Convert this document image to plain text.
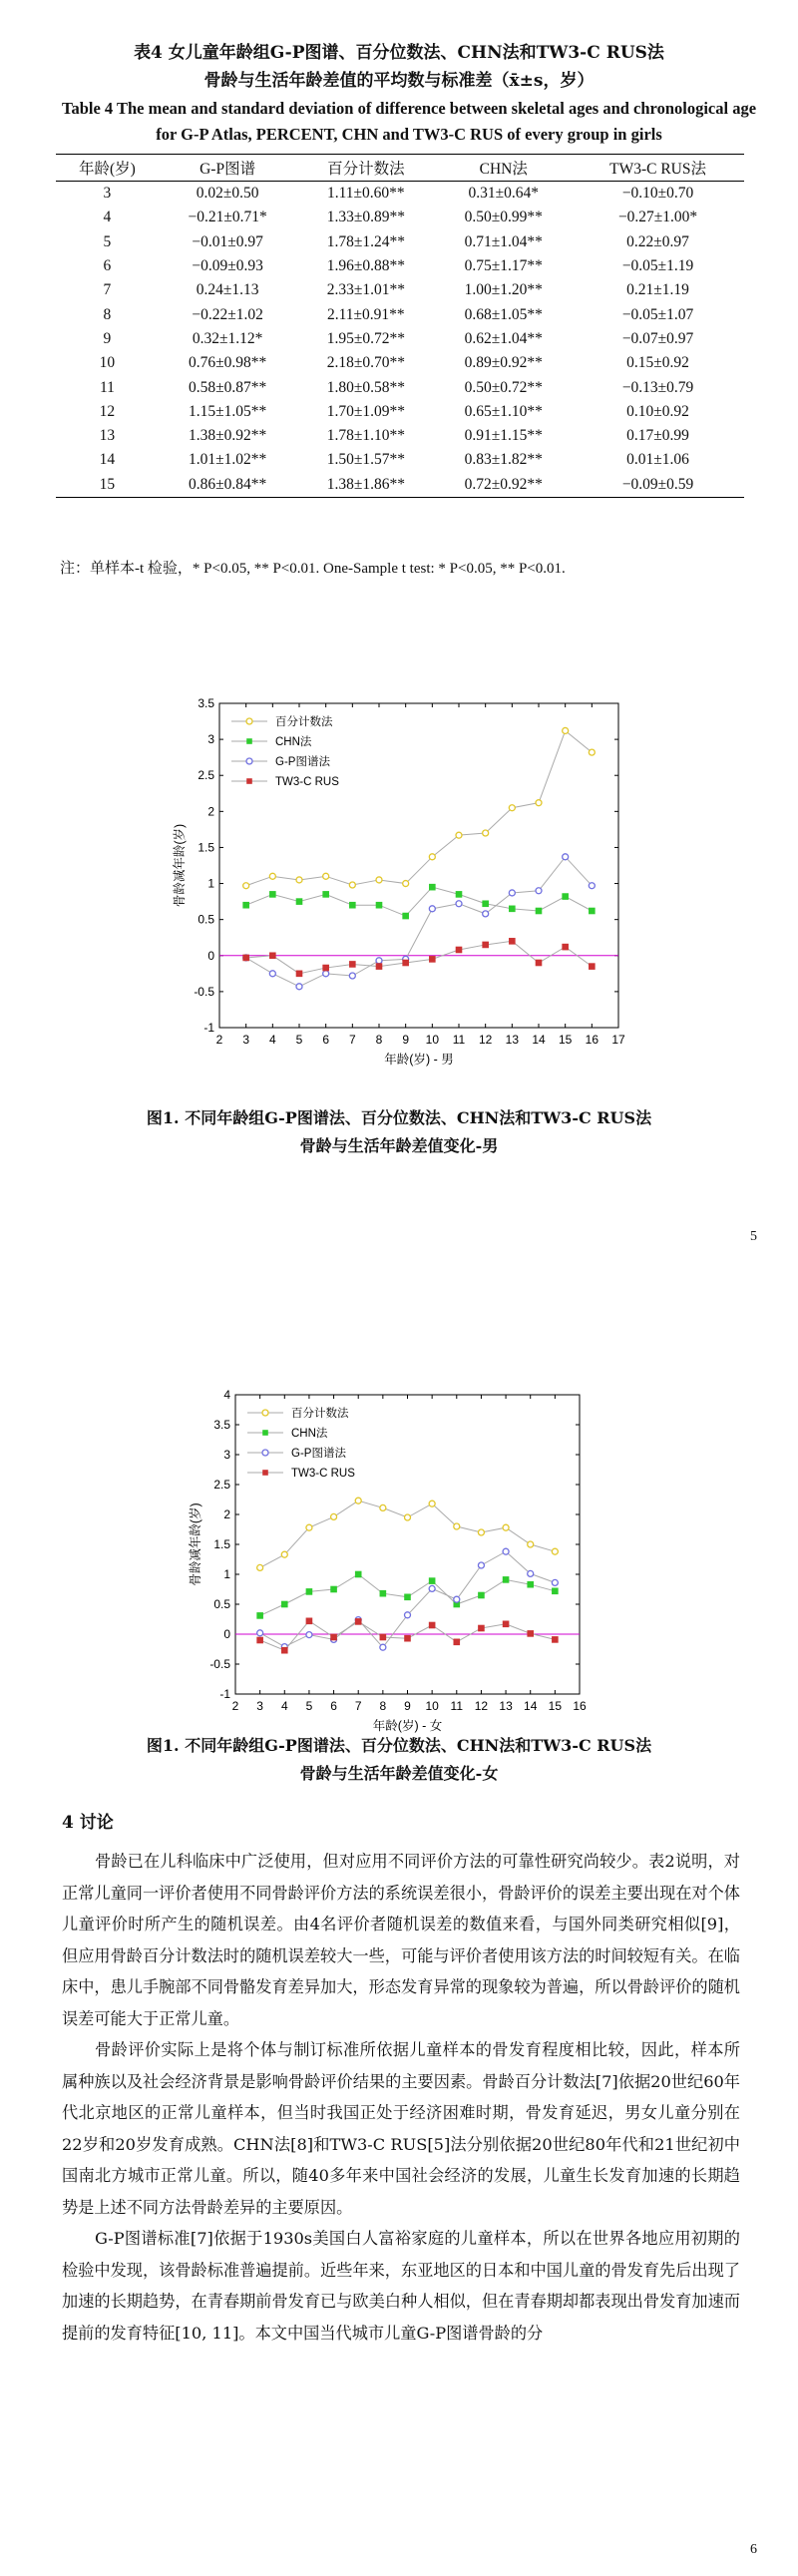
表4 女儿童年龄组G-P图谱、百分位数法、CHN法和TW3-C RUS法
骨龄与生活年龄差值的平均数与标准差（x̄±s，岁）
Table 4 The mean and standard deviation of difference between skeletal ages and chronological age for G-P Atlas, PERCENT, CHN and TW3-C RUS of every group in girls
年龄(岁)	G-P图谱	百分计数法	CHN法	TW3-C RUS法
3	0.02±0.50	1.11±0.60**	0.31±0.64*	−0.10±0.70
4	−0.21±0.71*	1.33±0.89**	0.50±0.99**	−0.27±1.00*
5	−0.01±0.97	1.78±1.24**	0.71±1.04**	0.22±0.97
6	−0.09±0.93	1.96±0.88**	0.75±1.17**	−0.05±1.19
7	0.24±1.13	2.33±1.01**	1.00±1.20**	0.21±1.19
8	−0.22±1.02	2.11±0.91**	0.68±1.05**	−0.05±1.07
9	0.32±1.12*	1.95±0.72**	0.62±1.04**	−0.07±0.97
10	0.76±0.98**	2.18±0.70**	0.89±0.92**	0.15±0.92
11	0.58±0.87**	1.80±0.58**	0.50±0.72**	−0.13±0.79
12	1.15±1.05**	1.70±1.09**	0.65±1.10**	0.10±0.92
13	1.38±0.92**	1.78±1.10**	0.91±1.15**	0.17±0.99
14	1.01±1.02**	1.50±1.57**	0.83±1.82**	0.01±1.06
15	0.86±0.84**	1.38±1.86**	0.72±0.92**	−0.09±0.59
注：单样本-t 检验，* P<0.05, ** P<0.01. One-Sample t test: * P<0.05, ** P<0.01.
2 3 4 5 6 7 8 9 10 11 12 13 14 15 16 17
-1
-0.5
0
0.5
1
1.5
2
2.5
3
3.5
百分计数法
CHN法
G-P图谱法
TW3-C RUS
年龄(岁) - 男
骨龄减年龄(岁)
图1. 不同年龄组G-P图谱法、百分位数法、CHN法和TW3-C RUS法
骨龄与生活年龄差值变化-男
5
2 3 4 5 6 7 8 9 10 11 12 13 14 15 16
-1
-0.5
0
0.5
1
1.5
2
2.5
3
3.5
4
百分计数法
CHN法
G-P图谱法
TW3-C RUS
年龄(岁) - 女
骨龄减年龄(岁)
图1. 不同年龄组G-P图谱法、百分位数法、CHN法和TW3-C RUS法
骨龄与生活年龄差值变化-女
4 讨论

骨龄已在儿科临床中广泛使用，但对应用不同评价方法的可靠性研究尚较少。表2说明，对正常儿童同一评价者使用不同骨龄评价方法的系统误差很小，骨龄评价的误差主要出现在对个体儿童评价时所产生的随机误差。由4名评价者随机误差的数值来看，与国外同类研究相似[9]，但应用骨龄百分计数法时的随机误差较大一些，可能与评价者使用该方法的时间较短有关。在临床中，患儿手腕部不同骨骼发育差异加大，形态发育异常的现象较为普遍，所以骨龄评价的随机误差可能大于正常儿童。

骨龄评价实际上是将个体与制订标准所依据儿童样本的骨发育程度相比较，因此，样本所属种族以及社会经济背景是影响骨龄评价结果的主要因素。骨龄百分计数法[7]依据20世纪60年代北京地区的正常儿童样本，但当时我国正处于经济困难时期，骨发育延迟，男女儿童分别在22岁和20岁发育成熟。CHN法[8]和TW3-C RUS[5]法分别依据20世纪80年代和21世纪初中国南北方城市正常儿童。所以，随40多年来中国社会经济的发展，儿童生长发育加速的长期趋势是上述不同方法骨龄差异的主要原因。

G-P图谱标准[7]依据于1930s美国白人富裕家庭的儿童样本，所以在世界各地应用初期的检验中发现，该骨龄标准普遍提前。近些年来，东亚地区的日本和中国儿童的骨发育先后出现了加速的长期趋势，在青春期前骨发育已与欧美白种人相似，但在青春期却都表现出骨发育加速而提前的发育特征[10, 11]。本文中国当代城市儿童G-P图谱骨龄的分

6
